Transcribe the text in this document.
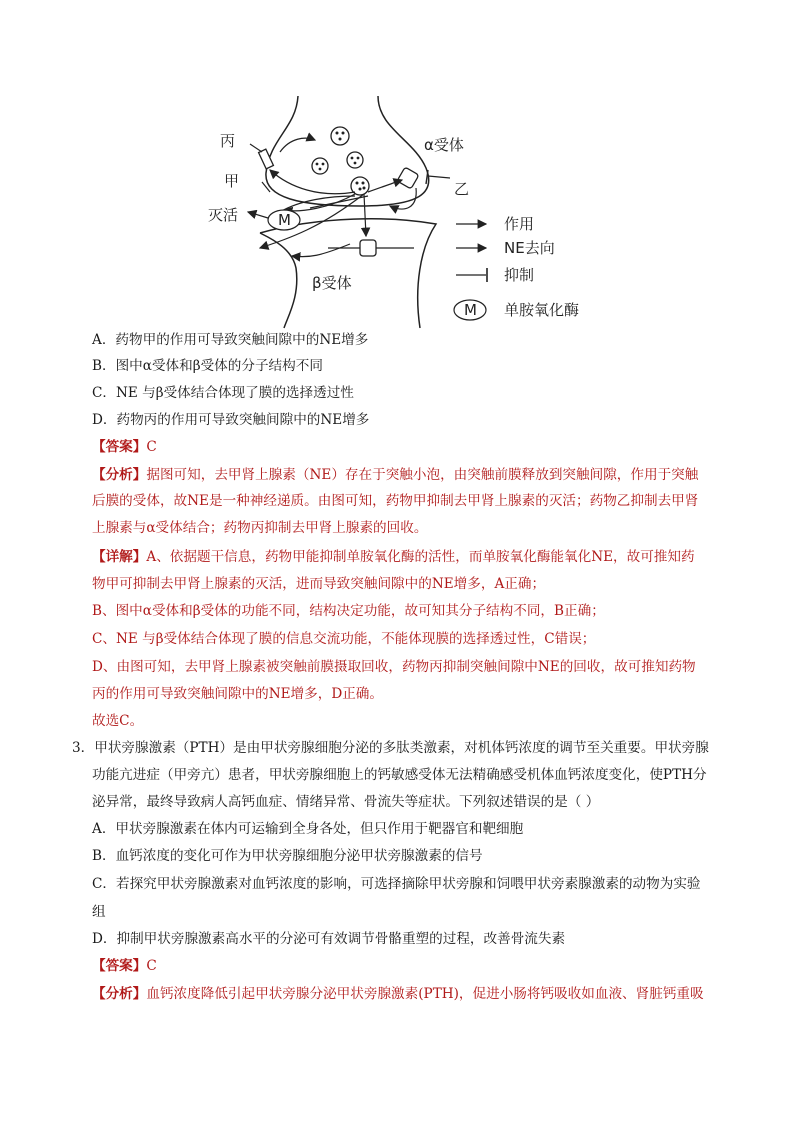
M
丙
甲
灭活
α受体
乙
β受体
作用
NE去向
抑制
M 单胺氧化酶
A．药物甲的作用可导致突触间隙中的NE增多
B．图中α受体和β受体的分子结构不同
C．NE 与β受体结合体现了膜的选择透过性
D．药物丙的作用可导致突触间隙中的NE增多
【答案】C
【分析】据图可知，去甲肾上腺素（NE）存在于突触小泡，由突触前膜释放到突触间隙，作用于突触
后膜的受体，故NE是一种神经递质。由图可知，药物甲抑制去甲肾上腺素的灭活；药物乙抑制去甲肾
上腺素与α受体结合；药物丙抑制去甲肾上腺素的回收。
【详解】A、依据题干信息，药物甲能抑制单胺氧化酶的活性，而单胺氧化酶能氧化NE，故可推知药
物甲可抑制去甲肾上腺素的灭活，进而导致突触间隙中的NE增多，A正确；
B、图中α受体和β受体的功能不同，结构决定功能，故可知其分子结构不同，B正确；
C、NE 与β受体结合体现了膜的信息交流功能，不能体现膜的选择透过性，C错误；
D、由图可知，去甲肾上腺素被突触前膜摄取回收，药物丙抑制突触间隙中NE的回收，故可推知药物
丙的作用可导致突触间隙中的NE增多，D正确。
故选C。
3．甲状旁腺激素（PTH）是由甲状旁腺细胞分泌的多肽类激素，对机体钙浓度的调节至关重要。甲状旁腺
功能亢进症（甲旁亢）患者，甲状旁腺细胞上的钙敏感受体无法精确感受机体血钙浓度变化，使PTH分
泌异常，最终导致病人高钙血症、情绪异常、骨流失等症状。下列叙述错误的是（ ）
A．甲状旁腺激素在体内可运输到全身各处，但只作用于靶器官和靶细胞
B．血钙浓度的变化可作为甲状旁腺细胞分泌甲状旁腺激素的信号
C．若探究甲状旁腺激素对血钙浓度的影响，可选择摘除甲状旁腺和饲喂甲状旁素腺激素的动物为实验
组
D．抑制甲状旁腺激素高水平的分泌可有效调节骨骼重塑的过程，改善骨流失素
【答案】C
【分析】血钙浓度降低引起甲状旁腺分泌甲状旁腺激素(PTH)，促进小肠将钙吸收如血液、肾脏钙重吸
